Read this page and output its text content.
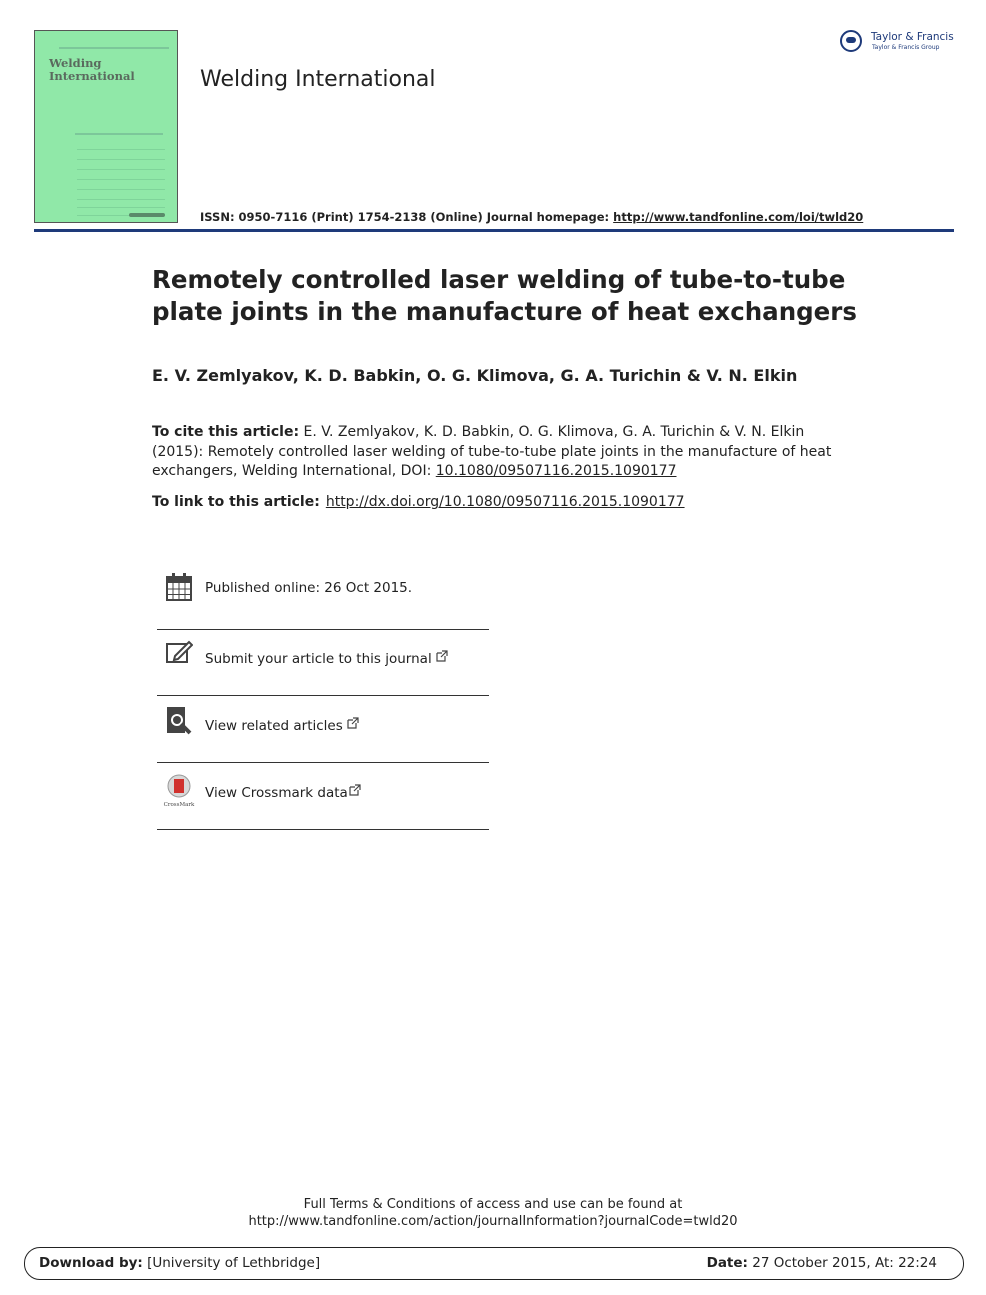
Welding
International	Welding International
Taylor & Francis
Taylor & Francis Group
ISSN: 0950-7116 (Print) 1754-2138 (Online) Journal homepage: http://www.tandfonline.com/loi/twld20
Remotely controlled laser welding of tube-to-tube plate joints in the manufacture of heat exchangers
E. V. Zemlyakov, K. D. Babkin, O. G. Klimova, G. A. Turichin & V. N. Elkin
To cite this article: E. V. Zemlyakov, K. D. Babkin, O. G. Klimova, G. A. Turichin & V. N. Elkin (2015): Remotely controlled laser welding of tube-to-tube plate joints in the manufacture of heat exchangers, Welding International, DOI: 10.1080/09507116.2015.1090177
To link to this article: http://dx.doi.org/10.1080/09507116.2015.1090177
Published online: 26 Oct 2015.
Submit your article to this journal
View related articles
CrossMark
View Crossmark data
Full Terms & Conditions of access and use can be found at
http://www.tandfonline.com/action/journalInformation?journalCode=twld20
Download by: [University of Lethbridge]	Date: 27 October 2015, At: 22:24
